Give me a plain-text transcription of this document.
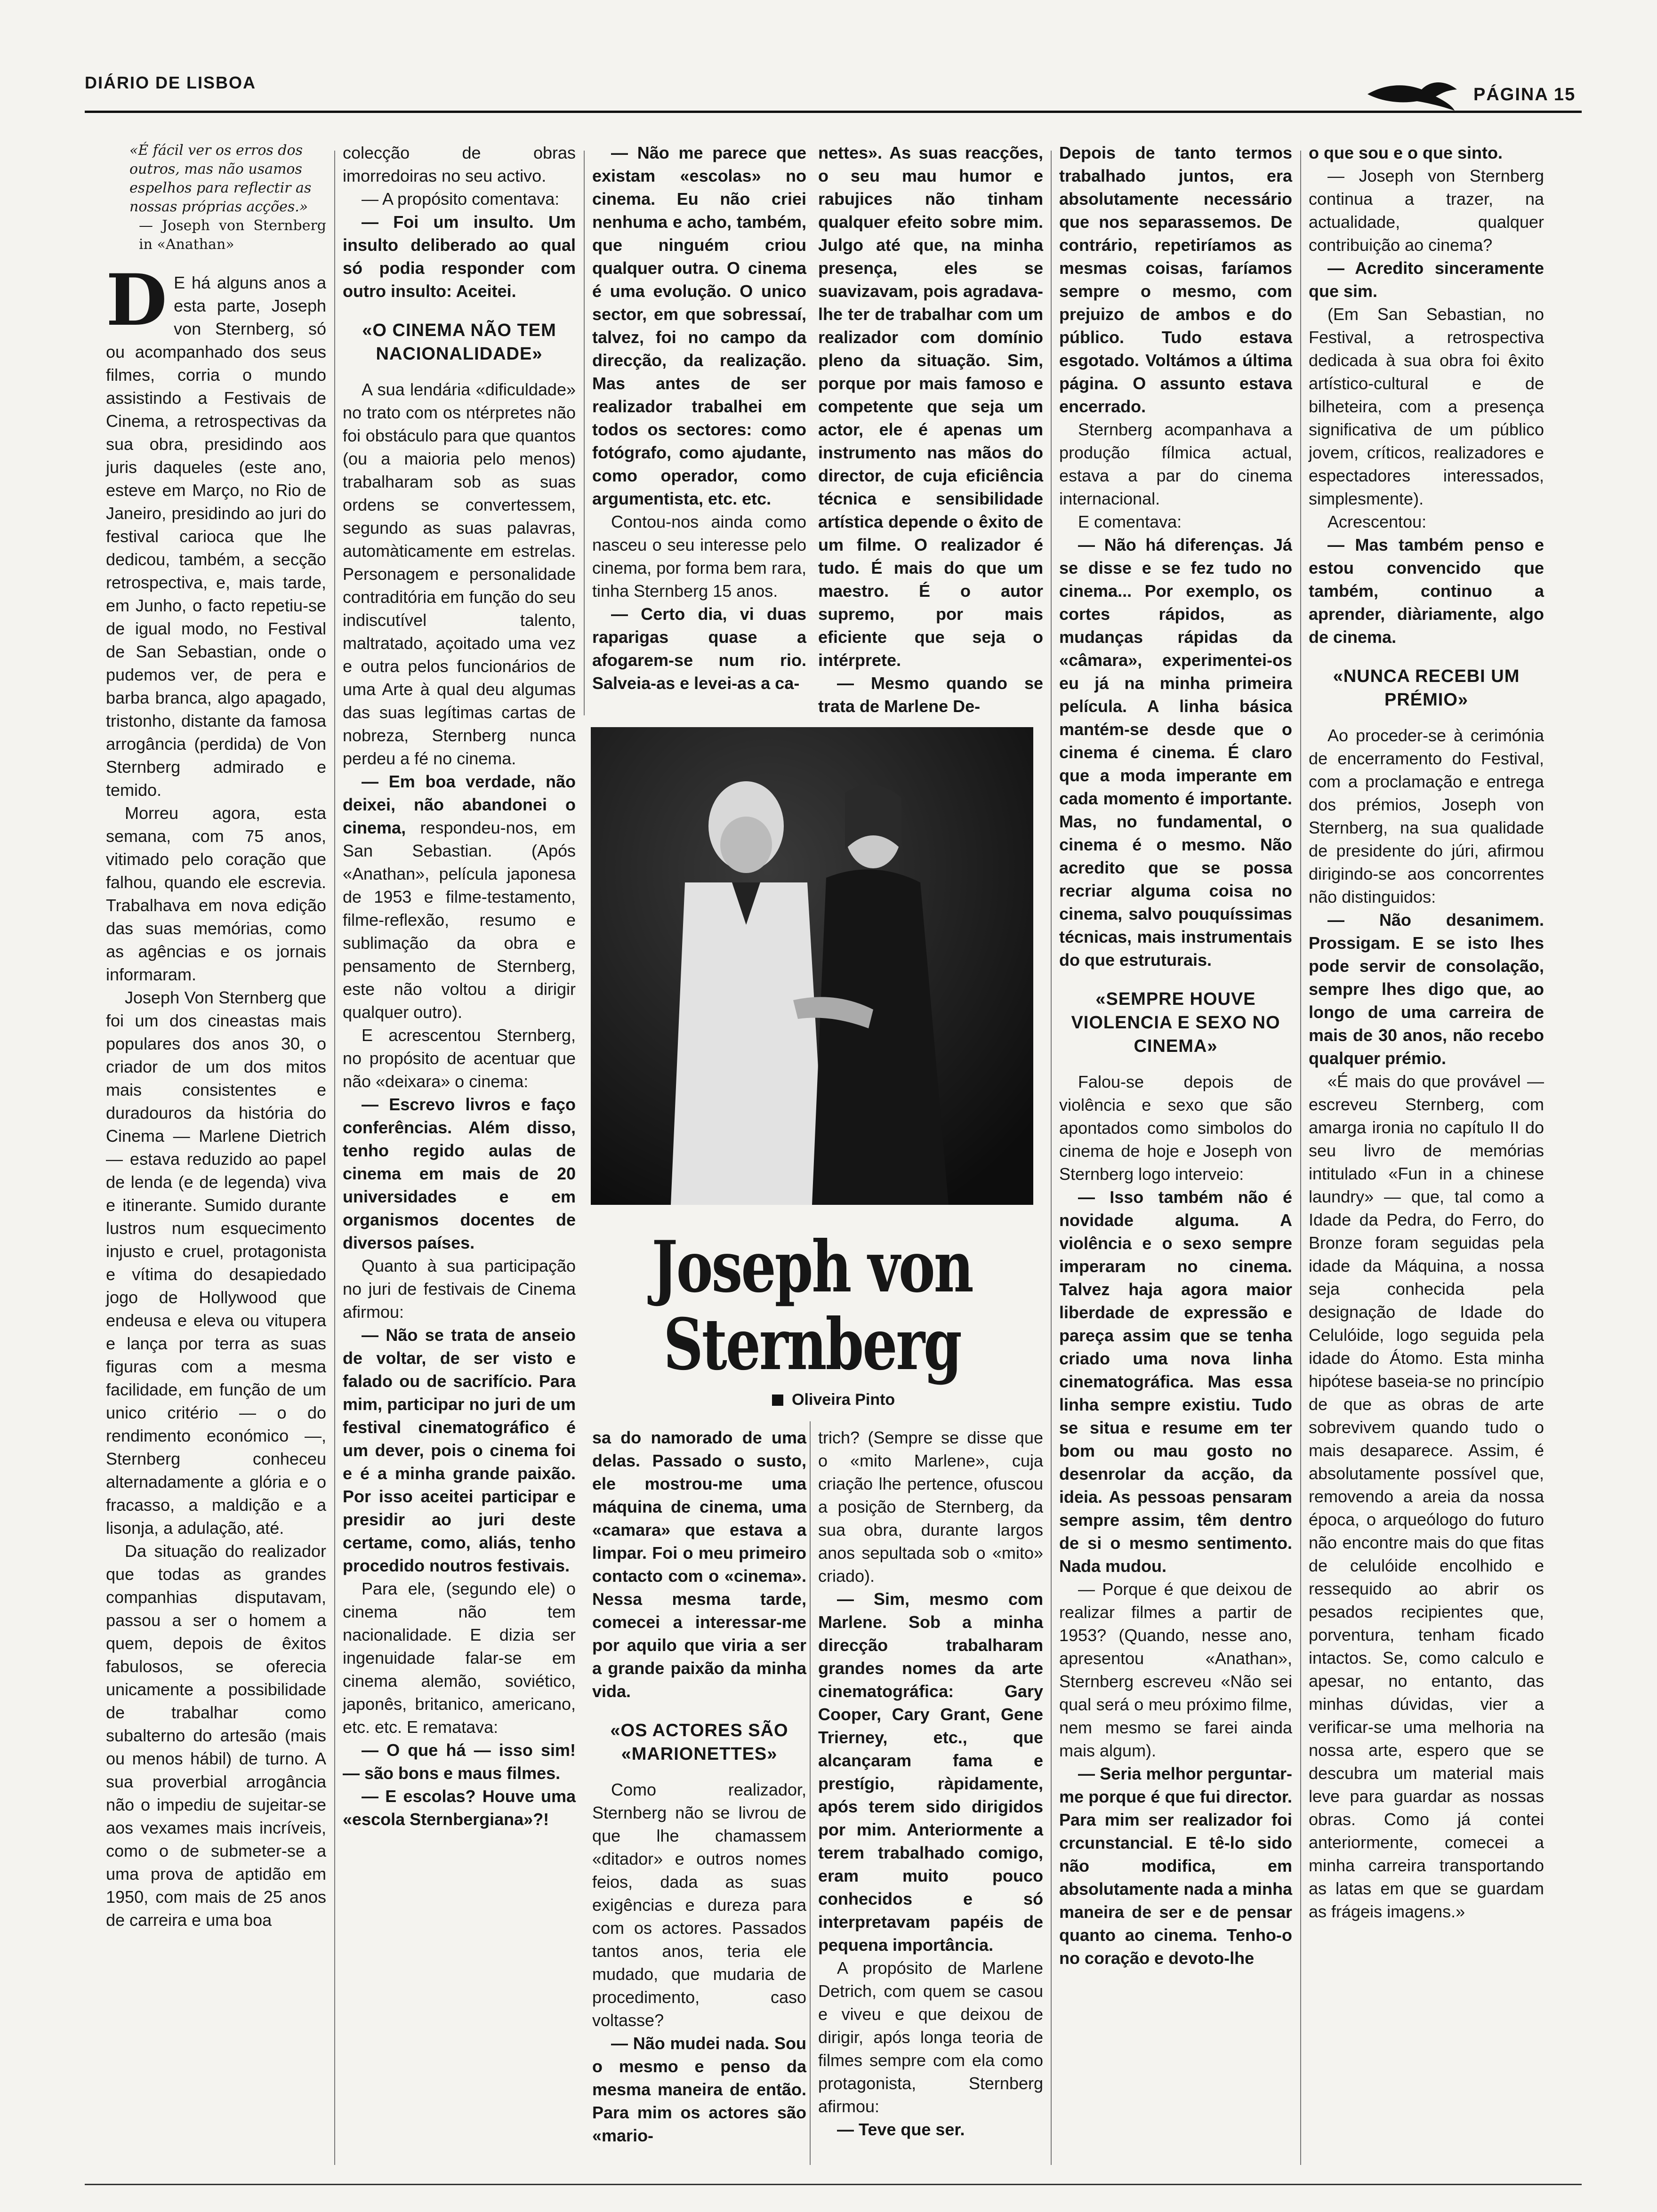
DIÁRIO DE LISBOA
PÁGINA 15
«É fácil ver os erros dos outros, mas não usamos espelhos para reflectir as nossas próprias acções.»
— Joseph von Sternberg in «Anathan»

D E há alguns anos a esta parte, Joseph von Sternberg, só ou acompanhado dos seus filmes, corria o mundo assistindo a Festivais de Cinema, a retrospectivas da sua obra, presidindo aos juris daqueles (este ano, esteve em Março, no Rio de Janeiro, presidindo ao juri do festival carioca que lhe dedicou, também, a secção retrospectiva, e, mais tarde, em Junho, o facto repetiu-se de igual modo, no Festival de San Sebastian, onde o pudemos ver, de pera e barba branca, algo apagado, tristonho, distante da famosa arrogância (perdida) de Von Sternberg admirado e temido.

Morreu agora, esta semana, com 75 anos, vitimado pelo coração que falhou, quando ele escrevia. Trabalhava em nova edição das suas memórias, como as agências e os jornais informaram.

Joseph Von Sternberg que foi um dos cineastas mais populares dos anos 30, o criador de um dos mitos mais consistentes e duradouros da história do Cinema — Marlene Dietrich — estava reduzido ao papel de lenda (e de legenda) viva e itinerante. Sumido durante lustros num esquecimento injusto e cruel, protagonista e vítima do desapiedado jogo de Hollywood que endeusa e eleva ou vitupera e lança por terra as suas figuras com a mesma facilidade, em função de um unico critério — o do rendimento económico —, Sternberg conheceu alternadamente a glória e o fracasso, a maldição e a lisonja, a adulação, até.

Da situação do realizador que todas as grandes companhias disputavam, passou a ser o homem a quem, depois de êxitos fabulosos, se oferecia unicamente a possibilidade de trabalhar como subalterno do artesão (mais ou menos hábil) de turno. A sua proverbial arrogância não o impediu de sujeitar-se aos vexames mais incríveis, como o de submeter-se a uma prova de aptidão em 1950, com mais de 25 anos de carreira e uma boa

colecção de obras imorredoiras no seu activo.

— A propósito comentava:

— Foi um insulto. Um insulto deliberado ao qual só podia responder com outro insulto: Aceitei.

«O CINEMA NÃO TEM NACIONALIDADE»

A sua lendária «dificuldade» no trato com os ntérpretes não foi obstáculo para que quantos (ou a maioria pelo menos) trabalharam sob as suas ordens se convertessem, segundo as suas palavras, automàticamente em estrelas. Personagem e personalidade contraditória em função do seu indiscutível talento, maltratado, açoitado uma vez e outra pelos funcionários de uma Arte à qual deu algumas das suas legítimas cartas de nobreza, Sternberg nunca perdeu a fé no cinema.

— Em boa verdade, não deixei, não abandonei o cinema, respondeu-nos, em San Sebastian. (Após «Anathan», película japonesa de 1953 e filme-testamento, filme-reflexão, resumo e sublimação da obra e pensamento de Sternberg, este não voltou a dirigir qualquer outro).

E acrescentou Sternberg, no propósito de acentuar que não «deixara» o cinema:

— Escrevo livros e faço conferências. Além disso, tenho regido aulas de cinema em mais de 20 universidades e em organismos docentes de diversos países.

Quanto à sua participação no juri de festivais de Cinema afirmou:

— Não se trata de anseio de voltar, de ser visto e falado ou de sacrifício. Para mim, participar no juri de um festival cinematográfico é um dever, pois o cinema foi e é a minha grande paixão. Por isso aceitei participar e presidir ao juri deste certame, como, aliás, tenho procedido noutros festivais.

Para ele, (segundo ele) o cinema não tem nacionalidade. E dizia ser ingenuidade falar-se em cinema alemão, soviético, japonês, britanico, americano, etc. etc. E rematava:

— O que há — isso sim! — são bons e maus filmes.

— E escolas? Houve uma «escola Sternbergiana»?!

— Não me parece que existam «escolas» no cinema. Eu não criei nenhuma e acho, também, que ninguém criou qualquer outra. O cinema é uma evolução. O unico sector, em que sobressaí, talvez, foi no campo da direcção, da realização. Mas antes de ser realizador trabalhei em todos os sectores: como fotógrafo, como ajudante, como operador, como argumentista, etc. etc.

Contou-nos ainda como nasceu o seu interesse pelo cinema, por forma bem rara, tinha Sternberg 15 anos.

— Certo dia, vi duas raparigas quase a afogarem-se num rio. Salveia-as e levei-as a ca-

nettes». As suas reacções, o seu mau humor e rabujices não tinham qualquer efeito sobre mim. Julgo até que, na minha presença, eles se suavizavam, pois agradava-lhe ter de trabalhar com um realizador com domínio pleno da situação. Sim, porque por mais famoso e competente que seja um actor, ele é apenas um instrumento nas mãos do director, de cuja eficiência técnica e sensibilidade artística depende o êxito de um filme. O realizador é tudo. É mais do que um maestro. É o autor supremo, por mais eficiente que seja o intérprete.

— Mesmo quando se trata de Marlene De-

Joseph von Sternberg
Oliveira Pinto

sa do namorado de uma delas. Passado o susto, ele mostrou-me uma máquina de cinema, uma «camara» que estava a limpar. Foi o meu primeiro contacto com o «cinema». Nessa mesma tarde, comecei a interessar-me por aquilo que viria a ser a grande paixão da minha vida.

«OS ACTORES SÃO «MARIONETTES»

Como realizador, Sternberg não se livrou de que lhe chamassem «ditador» e outros nomes feios, dada as suas exigências e dureza para com os actores. Passados tantos anos, teria ele mudado, que mudaria de procedimento, caso voltasse?

— Não mudei nada. Sou o mesmo e penso da mesma maneira de então. Para mim os actores são «mario-

trich? (Sempre se disse que o «mito Marlene», cuja criação lhe pertence, ofuscou a posição de Sternberg, da sua obra, durante largos anos sepultada sob o «mito» criado).

— Sim, mesmo com Marlene. Sob a minha direcção trabalharam grandes nomes da arte cinematográfica: Gary Cooper, Cary Grant, Gene Trierney, etc., que alcançaram fama e prestígio, ràpidamente, após terem sido dirigidos por mim. Anteriormente a terem trabalhado comigo, eram muito pouco conhecidos e só interpretavam papéis de pequena importância.

A propósito de Marlene Detrich, com quem se casou e viveu e que deixou de dirigir, após longa teoria de filmes sempre com ela como protagonista, Sternberg afirmou:

— Teve que ser.

Depois de tanto termos trabalhado juntos, era absolutamente necessário que nos separassemos. De contrário, repetiríamos as mesmas coisas, faríamos sempre o mesmo, com prejuizo de ambos e do público. Tudo estava esgotado. Voltámos a última página. O assunto estava encerrado.

Sternberg acompanhava a produção fílmica actual, estava a par do cinema internacional.

E comentava:

— Não há diferenças. Já se disse e se fez tudo no cinema... Por exemplo, os cortes rápidos, as mudanças rápidas da «câmara», experimentei-os eu já na minha primeira película. A linha básica mantém-se desde que o cinema é cinema. É claro que a moda imperante em cada momento é importante. Mas, no fundamental, o cinema é o mesmo. Não acredito que se possa recriar alguma coisa no cinema, salvo pouquíssimas técnicas, mais instrumentais do que estruturais.

«SEMPRE HOUVE VIOLENCIA E SEXO NO CINEMA»

Falou-se depois de violência e sexo que são apontados como simbolos do cinema de hoje e Joseph von Sternberg logo interveio:

— Isso também não é novidade alguma. A violência e o sexo sempre imperaram no cinema. Talvez haja agora maior liberdade de expressão e pareça assim que se tenha criado uma nova linha cinematográfica. Mas essa linha sempre existiu. Tudo se situa e resume em ter bom ou mau gosto no desenrolar da acção, da ideia. As pessoas pensaram sempre assim, têm dentro de si o mesmo sentimento. Nada mudou.

— Porque é que deixou de realizar filmes a partir de 1953? (Quando, nesse ano, apresentou «Anathan», Sternberg escreveu «Não sei qual será o meu próximo filme, nem mesmo se farei ainda mais algum).

— Seria melhor perguntar-me porque é que fui director. Para mim ser realizador foi crcunstancial. E tê-lo sido não modifica, em absolutamente nada a minha maneira de ser e de pensar quanto ao cinema. Tenho-o no coração e devoto-lhe

o que sou e o que sinto.

— Joseph von Sternberg continua a trazer, na actualidade, qualquer contribuição ao cinema?

— Acredito sinceramente que sim.

(Em San Sebastian, no Festival, a retrospectiva dedicada à sua obra foi êxito artístico-cultural e de bilheteira, com a presença significativa de um público jovem, críticos, realizadores e espectadores interessados, simplesmente).

Acrescentou:

— Mas também penso e estou convencido que também, continuo a aprender, diàriamente, algo de cinema.

«NUNCA RECEBI UM PRÉMIO»

Ao proceder-se à cerimónia de encerramento do Festival, com a proclamação e entrega dos prémios, Joseph von Sternberg, na sua qualidade de presidente do júri, afirmou dirigindo-se aos concorrentes não distinguidos:

— Não desanimem. Prossigam. E se isto lhes pode servir de consolação, sempre lhes digo que, ao longo de uma carreira de mais de 30 anos, não recebo qualquer prémio.

«É mais do que provável — escreveu Sternberg, com amarga ironia no capítulo II do seu livro de memórias intitulado «Fun in a chinese laundry» — que, tal como a Idade da Pedra, do Ferro, do Bronze foram seguidas pela idade da Máquina, a nossa seja conhecida pela designação de Idade do Celulóide, logo seguida pela idade do Átomo. Esta minha hipótese baseia-se no princípio de que as obras de arte sobrevivem quando tudo o mais desaparece. Assim, é absolutamente possível que, removendo a areia da nossa época, o arqueólogo do futuro não encontre mais do que fitas de celulóide encolhido e ressequido ao abrir os pesados recipientes que, porventura, tenham ficado intactos. Se, como calculo e apesar, no entanto, das minhas dúvidas, vier a verificar-se uma melhoria na nossa arte, espero que se descubra um material mais leve para guardar as nossas obras. Como já contei anteriormente, comecei a minha carreira transportando as latas em que se guardam as frágeis imagens.»
